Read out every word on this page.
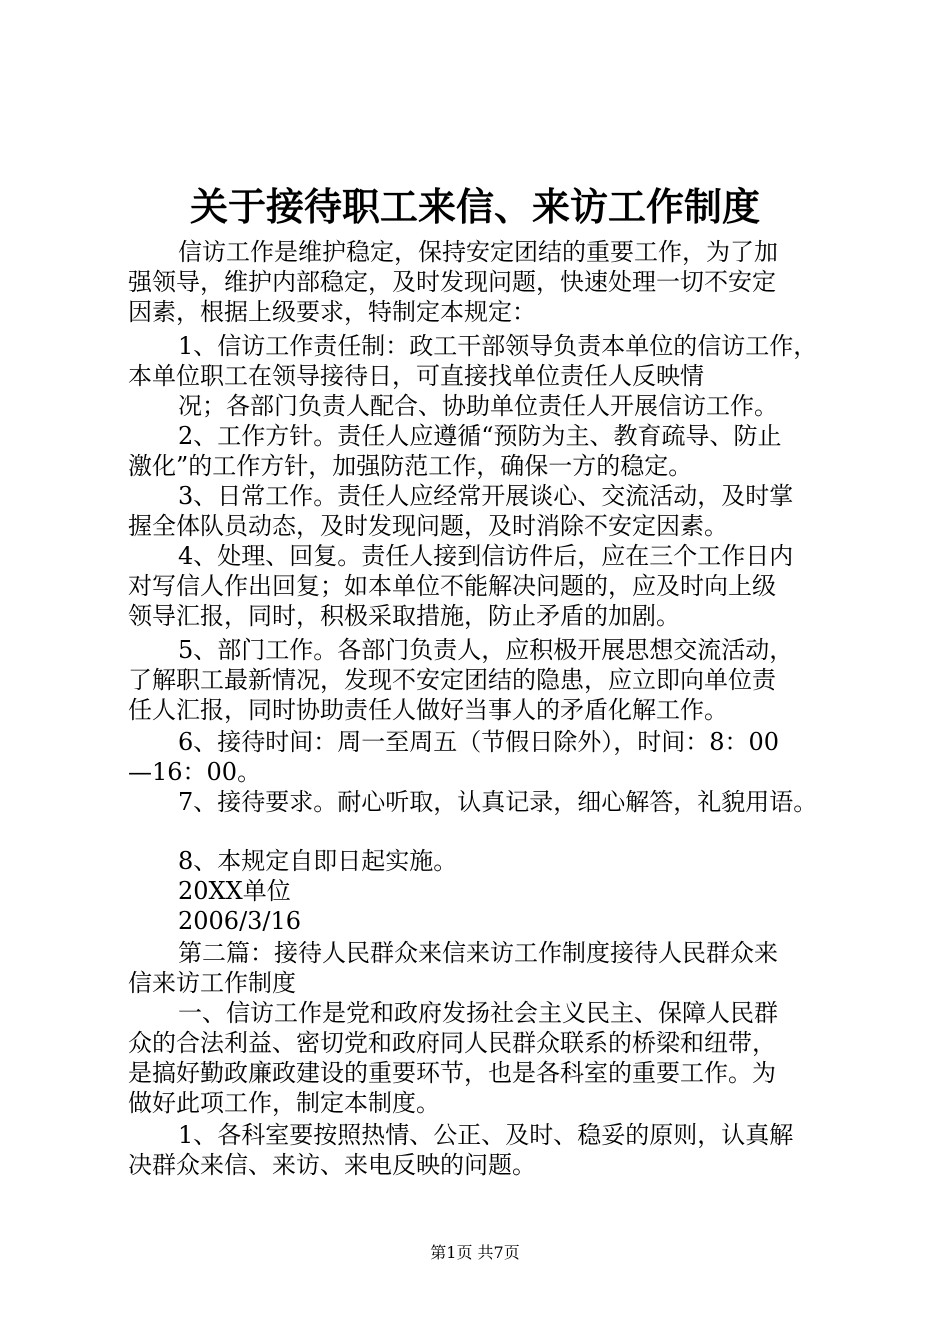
关于接待职工来信、来访工作制度
信访工作是维护稳定，保持安定团结的重要工作，为了加
强领导，维护内部稳定，及时发现问题，快速处理一切不安定
因素，根据上级要求，特制定本规定：
1、信访工作责任制：政工干部领导负责本单位的信访工作，
本单位职工在领导接待日，可直接找单位责任人反映情
况；各部门负责人配合、协助单位责任人开展信访工作。
2、工作方针。责任人应遵循“预防为主、教育疏导、防止
激化”的工作方针，加强防范工作，确保一方的稳定。
3、日常工作。责任人应经常开展谈心、交流活动，及时掌
握全体队员动态，及时发现问题，及时消除不安定因素。
4、处理、回复。责任人接到信访件后，应在三个工作日内
对写信人作出回复；如本单位不能解决问题的，应及时向上级
领导汇报，同时，积极采取措施，防止矛盾的加剧。
5、部门工作。各部门负责人，应积极开展思想交流活动，
了解职工最新情况，发现不安定团结的隐患，应立即向单位责
任人汇报，同时协助责任人做好当事人的矛盾化解工作。
6、接待时间：周一至周五（节假日除外），时间：8：00
—16：00。
7、接待要求。耐心听取，认真记录，细心解答，礼貌用语。
8、本规定自即日起实施。
20XX单位
2006/3/16
第二篇：接待人民群众来信来访工作制度接待人民群众来
信来访工作制度
一、信访工作是党和政府发扬社会主义民主、保障人民群
众的合法利益、密切党和政府同人民群众联系的桥梁和纽带，
是搞好勤政廉政建设的重要环节，也是各科室的重要工作。为
做好此项工作，制定本制度。
1、各科室要按照热情、公正、及时、稳妥的原则，认真解
决群众来信、来访、来电反映的问题。
第1页 共7页
